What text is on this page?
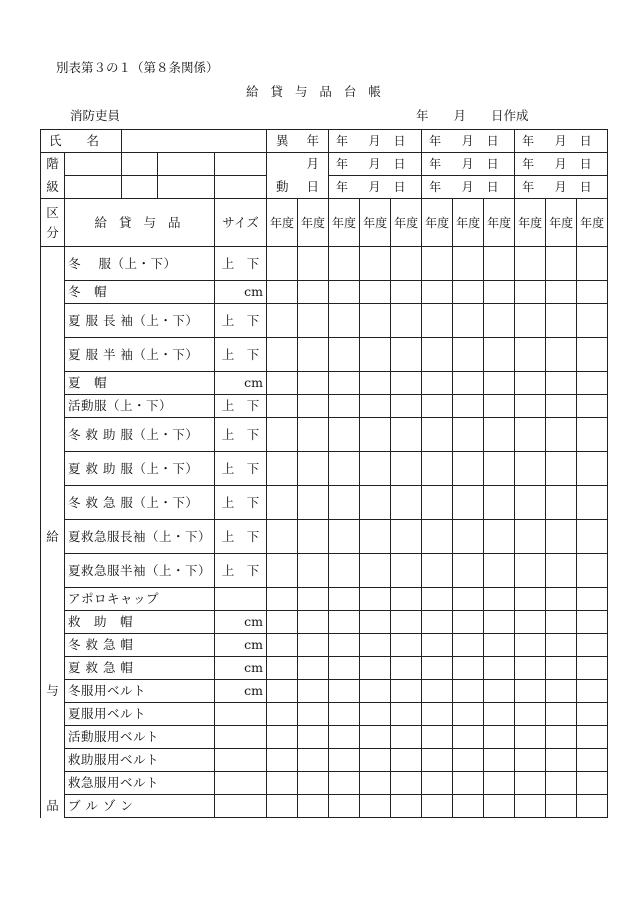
別表第３の１（第８条関係）
給 貸 与 品 台 帳
消防吏員	年　　月　　日作成
氏　　名					異	年	年 月 日			年 月 日			年 月 日		
階						月	年 月 日			年 月 日			年 月 日		
級					動	日	年 月 日			年 月 日			年 月 日		

区
分	給 貸 与 品			サイズ	年度	年度	年度	年度	年度	年度	年度	年度	年度	年度	年度
	冬　 服（上・下）			上　下											
	冬　帽			cm											
	夏 服 長 袖（上・下）			上　下											
	夏 服 半 袖（上・下）			上　下											
	夏　帽			cm											
	活動服（上・下）			上　下											
	冬 救 助 服（上・下）			上　下											
	夏 救 助 服（上・下）			上　下											
	冬 救 急 服（上・下）			上　下											
給	夏救急服長袖（上・下）			上　下											
	夏救急服半袖（上・下）			上　下											
	アポロキャップ														
	救　助　帽			cm											
	冬 救 急 帽			cm											
	夏 救 急 帽			cm											
与	冬服用ベルト			cm											
	夏服用ベルト														
	活動服用ベルト														
	救助服用ベルト														
	救急服用ベルト														
品	ブ ル ゾ ン														
